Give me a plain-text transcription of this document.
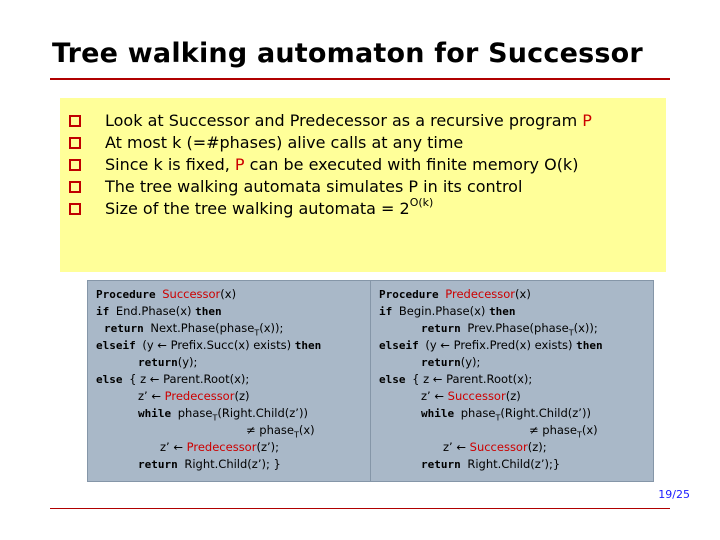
Tree walking automaton for Successor
Look at Successor and Predecessor as a recursive program P
At most k (=#phases) alive calls at any time
Since k is fixed, P can be executed with finite memory O(k)
The tree walking automata simulates P in its control
Size of the tree walking automata = $2^{O(k)}$
Procedure Successor(x)
if End.Phase(x) then
return Next.Phase(phase$_T$(x));
elseif (y ← Prefix.Succ(x) exists) then
return(y);
else { z ← Parent.Root(x);
z’ ← Predecessor(z)
while phase$_T$(Right.Child(z’))
≠ phase$_T$(x)
z’ ← Predecessor(z’);
return Right.Child(z’); }
Procedure Predecessor(x)
if Begin.Phase(x) then
return Prev.Phase(phase$_T$(x));
elseif (y ← Prefix.Pred(x) exists) then
return(y);
else { z ← Parent.Root(x);
z’ ← Successor(z)
while phase$_T$(Right.Child(z’))
≠ phase$_T$(x)
z’ ← Successor(z);
return Right.Child(z’);}
19/25
